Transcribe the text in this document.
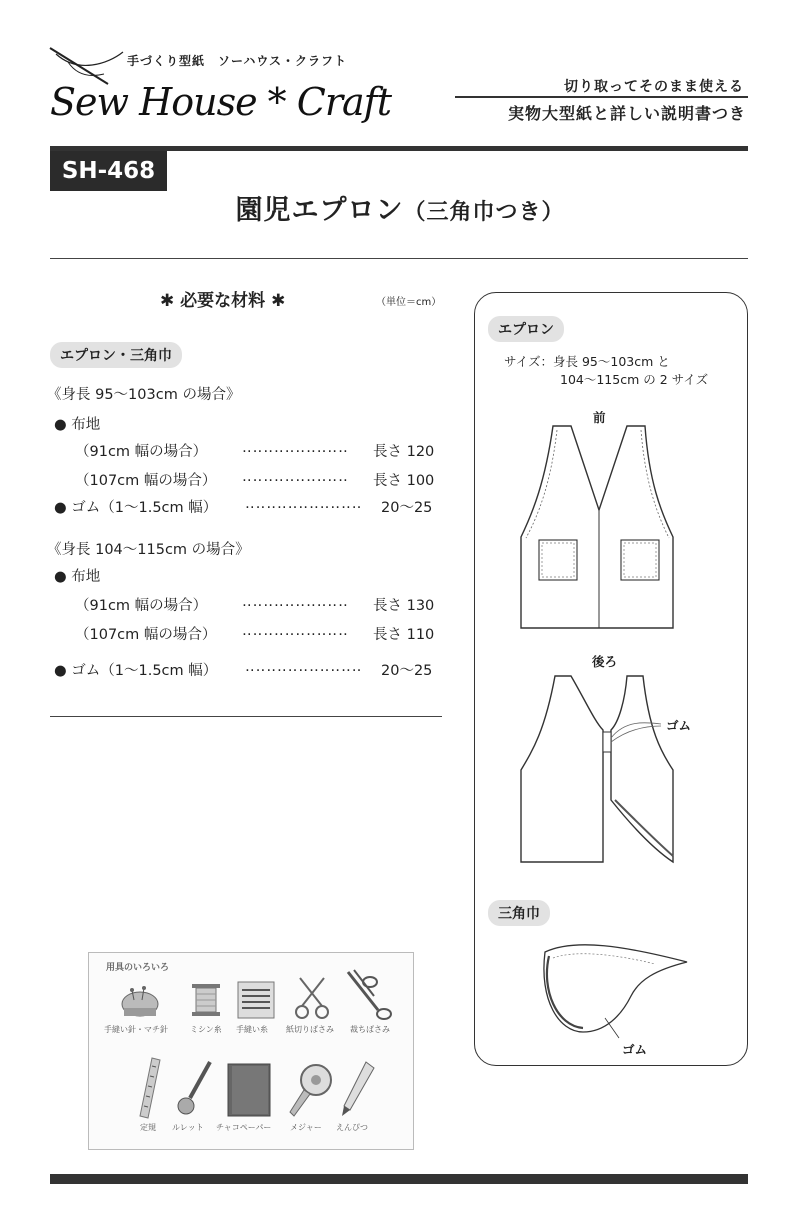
手づくり型紙　ソーハウス・クラフト
Sew House * Craft	切り取ってそのまま使える
実物大型紙と詳しい説明書つき
SH-468
園児エプロン（三角巾つき）
✱ 必要な材料 ✱	（単位＝cm）
エプロン・三角巾
《身長 95〜103cm の場合》
● 布地
（91cm 幅の場合） ‥‥‥‥‥‥‥‥‥‥ 長さ 120
（107cm 幅の場合） ‥‥‥‥‥‥‥‥‥‥ 長さ 100
● ゴム（1〜1.5cm 幅） ‥‥‥‥‥‥‥‥‥‥‥ 20〜25
《身長 104〜115cm の場合》
● 布地
（91cm 幅の場合） ‥‥‥‥‥‥‥‥‥‥ 長さ 130
（107cm 幅の場合） ‥‥‥‥‥‥‥‥‥‥ 長さ 110
● ゴム（1〜1.5cm 幅） ‥‥‥‥‥‥‥‥‥‥‥ 20〜25
エプロン
サイズ：身長 95〜103cm と
104〜115cm の 2 サイズ
前
後ろ
ゴム
三角巾
ゴム
用具のいろいろ
手縫い針・マチ針	ミシン糸 手縫い糸 紙切りばさみ 裁ちばさみ
定規 ルレット チャコペーパー メジャー えんぴつ
